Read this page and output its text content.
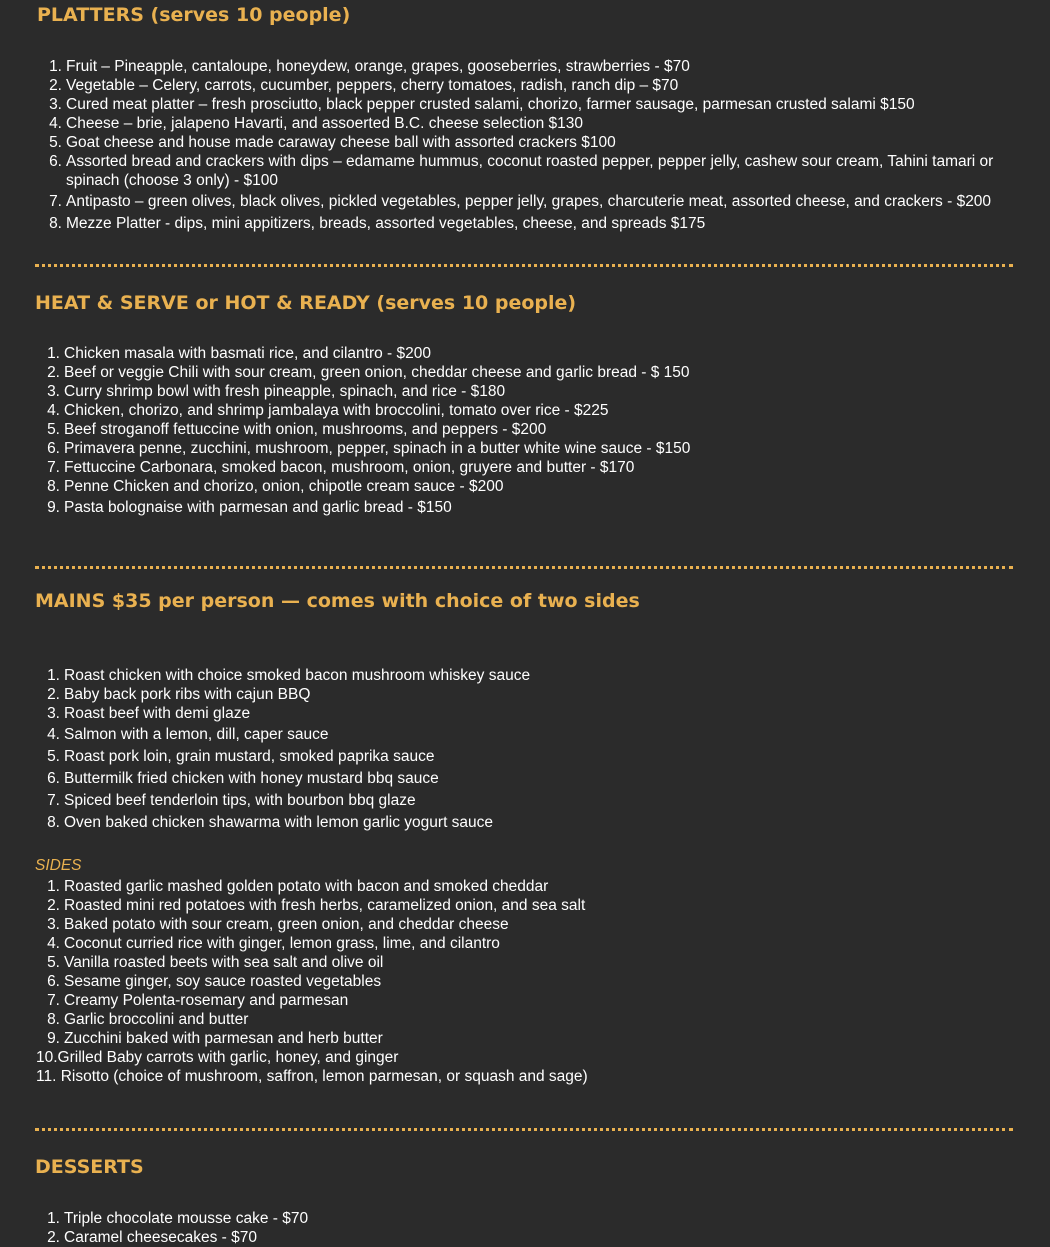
PLATTERS (serves 10 people)
1. Fruit – Pineapple, cantaloupe, honeydew, orange, grapes, gooseberries, strawberries - $70
2. Vegetable – Celery, carrots, cucumber, peppers, cherry tomatoes, radish, ranch dip – $70
3. Cured meat platter – fresh prosciutto, black pepper crusted salami, chorizo, farmer sausage, parmesan crusted salami $150
4. Cheese – brie, jalapeno Havarti, and assoerted B.C. cheese selection $130
5. Goat cheese and house made caraway cheese ball with assorted crackers $100
6. Assorted bread and crackers with dips – edamame hummus, coconut roasted pepper, pepper jelly, cashew sour cream, Tahini tamari or spinach (choose 3 only) - $100
7. Antipasto – green olives, black olives, pickled vegetables, pepper jelly, grapes, charcuterie meat, assorted cheese, and crackers - $200
8. Mezze Platter - dips, mini appitizers, breads, assorted vegetables, cheese, and spreads $175
HEAT & SERVE or HOT & READY (serves 10 people)
1. Chicken masala with basmati rice, and cilantro - $200
2. Beef or veggie Chili with sour cream, green onion, cheddar cheese and garlic bread - $ 150
3. Curry shrimp bowl with fresh pineapple, spinach, and rice - $180
4. Chicken, chorizo, and shrimp jambalaya with broccolini, tomato over rice - $225
5. Beef stroganoff fettuccine with onion, mushrooms, and peppers - $200
6. Primavera penne, zucchini, mushroom, pepper, spinach in a butter white wine sauce - $150
7. Fettuccine Carbonara, smoked bacon, mushroom, onion, gruyere and butter - $170
8. Penne Chicken and chorizo, onion, chipotle cream sauce - $200
9. Pasta bolognaise with parmesan and garlic bread - $150
MAINS $35 per person — comes with choice of two sides
1. Roast chicken with choice smoked bacon mushroom whiskey sauce
2. Baby back pork ribs with cajun BBQ
3. Roast beef with demi glaze
4. Salmon with a lemon, dill, caper sauce
5. Roast pork loin, grain mustard, smoked paprika sauce
6. Buttermilk fried chicken with honey mustard bbq sauce
7. Spiced beef tenderloin tips, with bourbon bbq glaze
8. Oven baked chicken shawarma with lemon garlic yogurt sauce
SIDES
1. Roasted garlic mashed golden potato with bacon and smoked cheddar
2. Roasted mini red potatoes with fresh herbs, caramelized onion, and sea salt
3. Baked potato with sour cream, green onion, and cheddar cheese
4. Coconut curried rice with ginger, lemon grass, lime, and cilantro
5. Vanilla roasted beets with sea salt and olive oil
6. Sesame ginger, soy sauce roasted vegetables
7. Creamy Polenta-rosemary and parmesan
8. Garlic broccolini and butter
9. Zucchini baked with parmesan and herb butter
10.Grilled Baby carrots with garlic, honey, and ginger
11. Risotto (choice of mushroom, saffron, lemon parmesan, or squash and sage)
DESSERTS
1. Triple chocolate mousse cake - $70
2. Caramel cheesecakes - $70
